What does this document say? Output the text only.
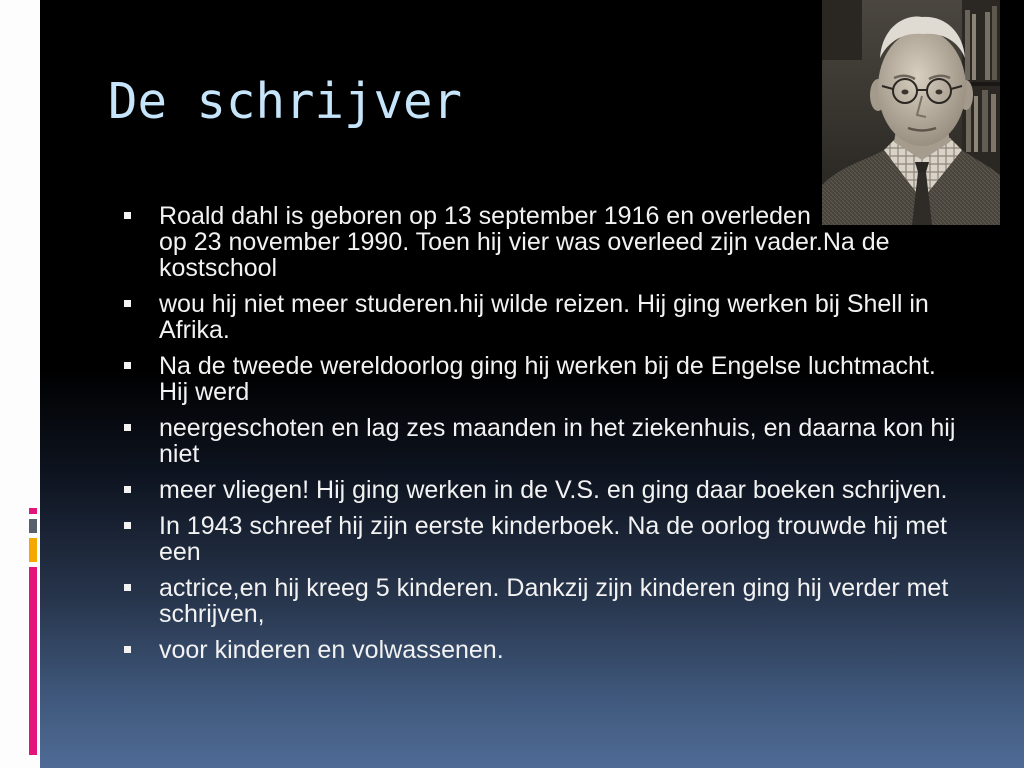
De schrijver
Roald dahl is geboren op 13 september 1916 en overleden
op 23 november 1990. Toen hij vier was overleed zijn vader.Na de
kostschool
wou hij niet meer studeren.hij wilde reizen. Hij ging werken bij Shell in
Afrika.
Na de tweede wereldoorlog ging hij werken bij de Engelse luchtmacht.
Hij werd
neergeschoten en lag zes maanden in het ziekenhuis, en daarna kon hij
niet
meer vliegen! Hij ging werken in de V.S. en ging daar boeken schrijven.
In 1943 schreef hij zijn eerste kinderboek. Na de oorlog trouwde hij met
een
actrice,en hij kreeg 5 kinderen. Dankzij zijn kinderen ging hij verder met
schrijven,
voor kinderen en volwassenen.
